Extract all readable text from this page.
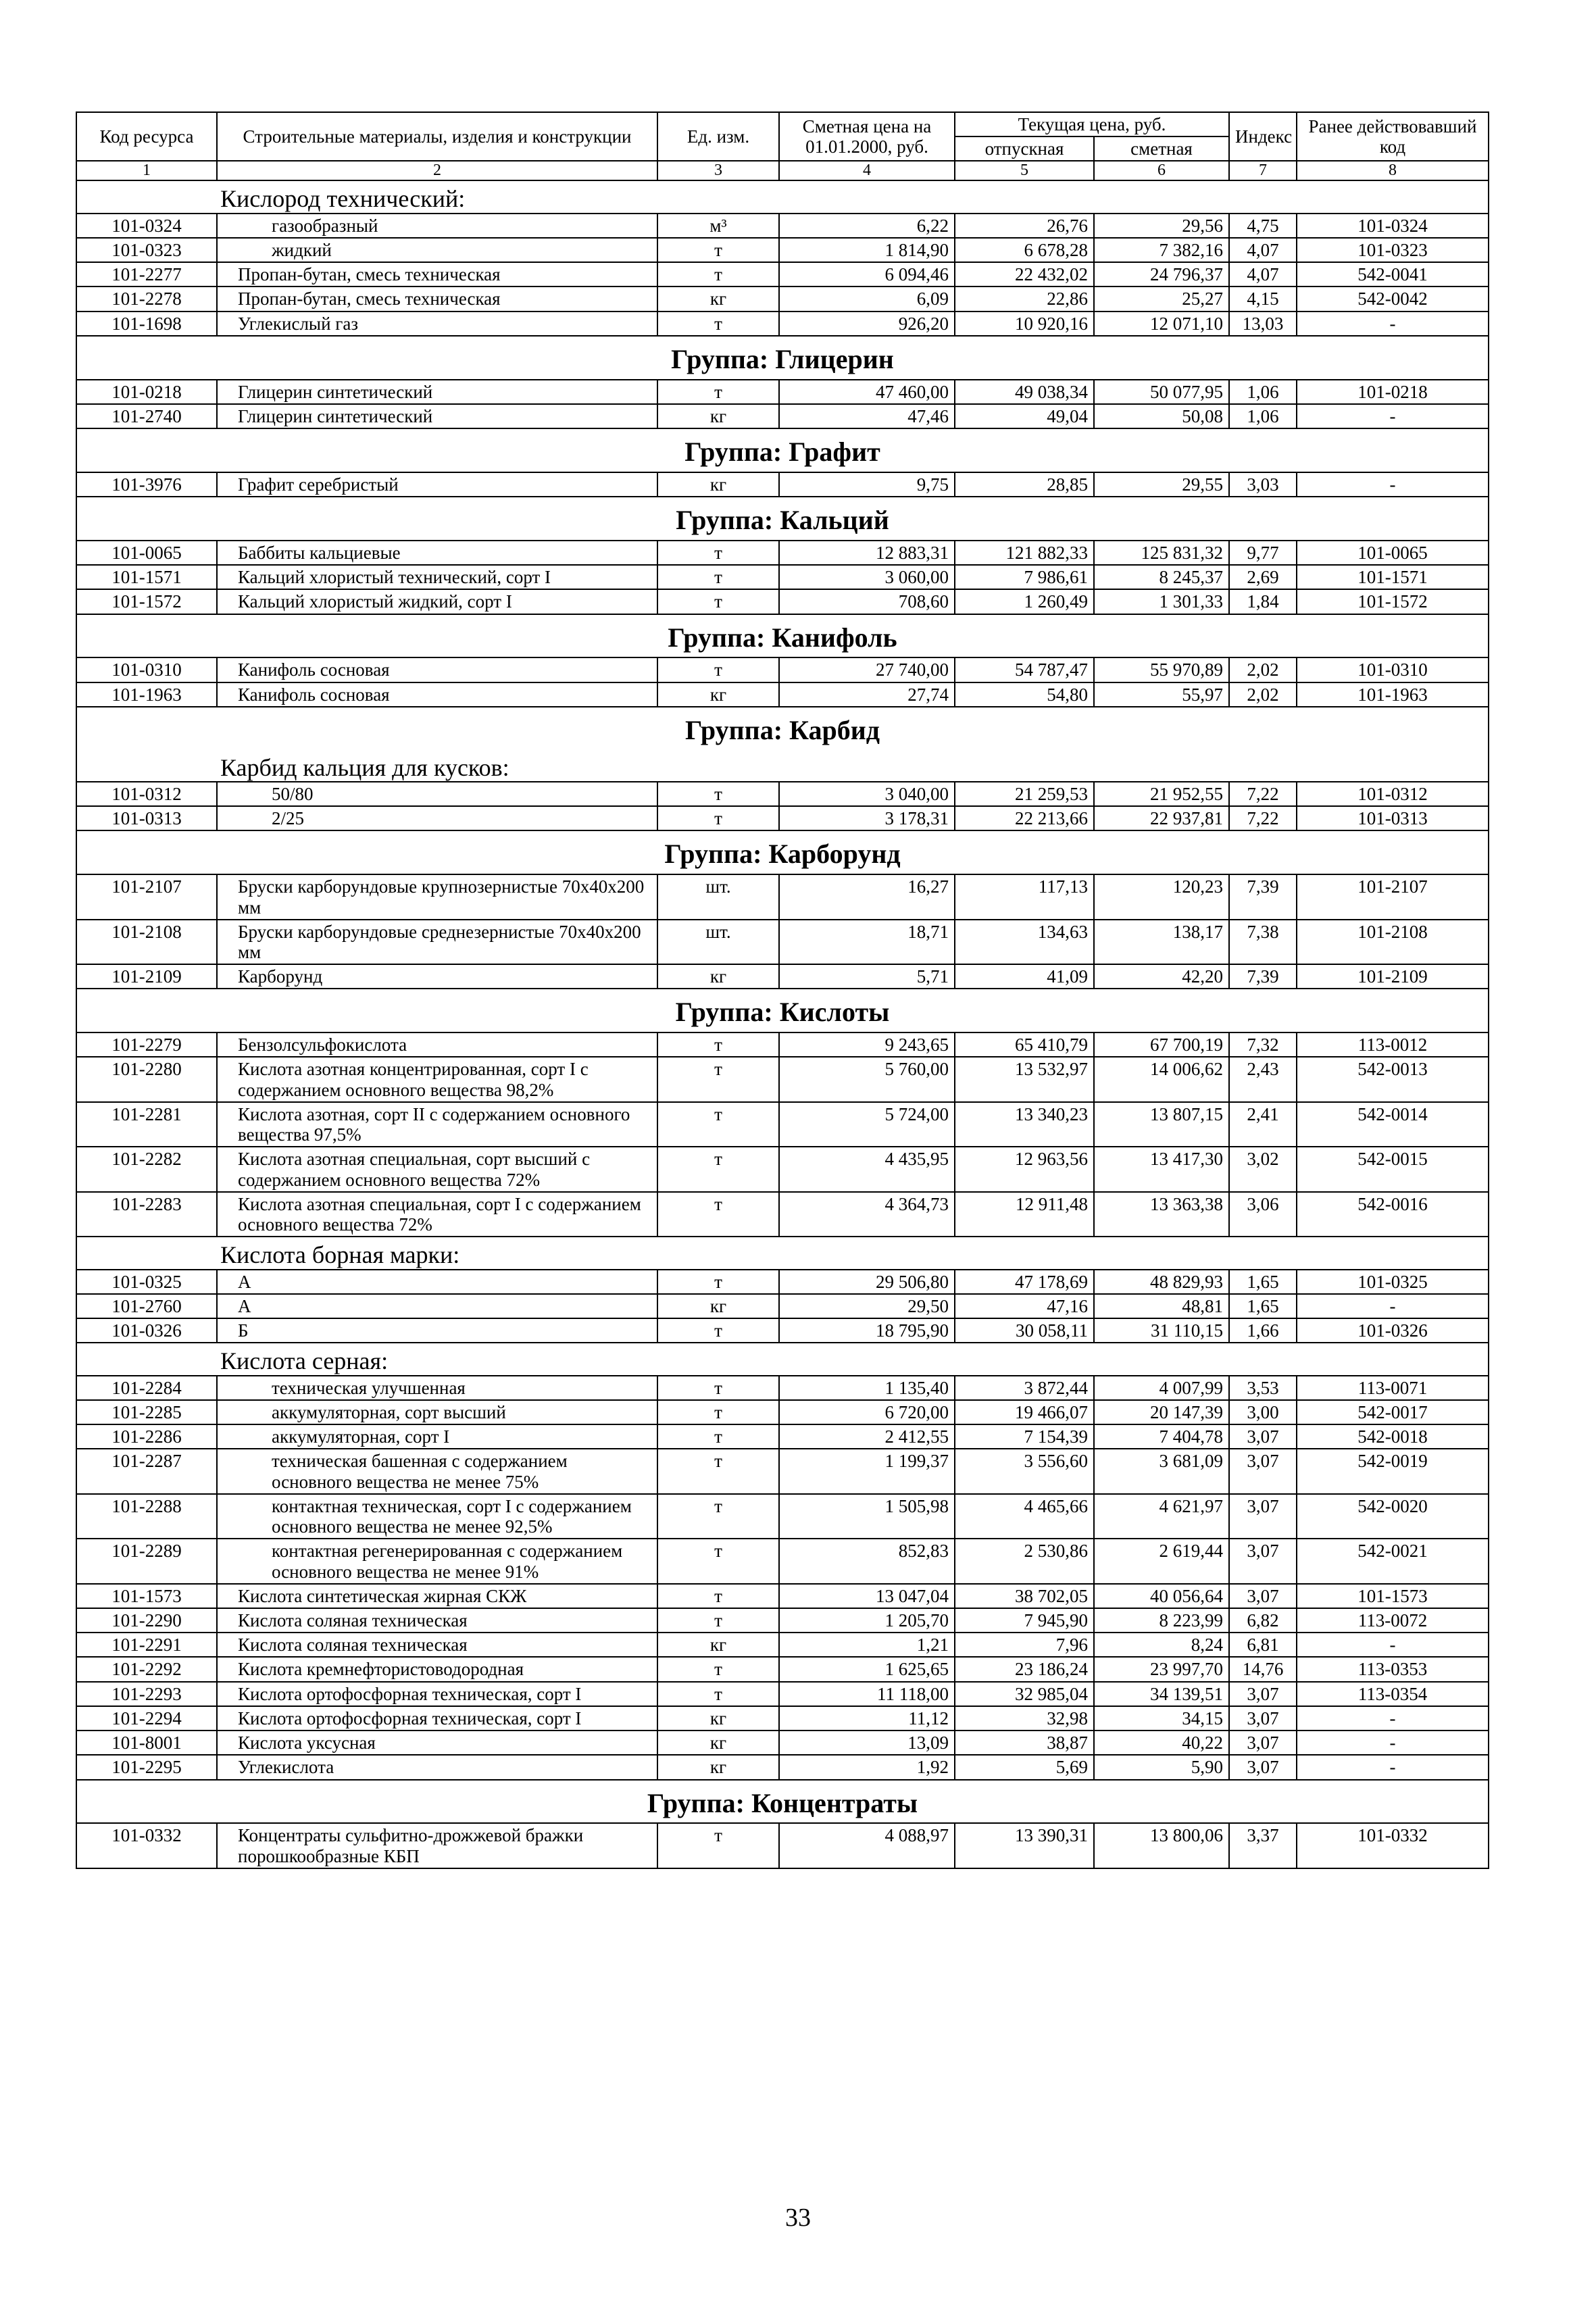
Код ресурса	Строительные материалы, изделия и конструкции	Ед. изм.	Сметная цена на 01.01.2000, руб.	Текущая цена, руб.		Индекс	Ранее действовавший код
				отпускная	сметная		
1	2	3	4	5	6	7	8
Кислород технический:							
101-0324	газообразный	м³	6,22	26,76	29,56	4,75	101-0324
101-0323	жидкий	т	1 814,90	6 678,28	7 382,16	4,07	101-0323
101-2277	Пропан-бутан, смесь техническая	т	6 094,46	22 432,02	24 796,37	4,07	542-0041
101-2278	Пропан-бутан, смесь техническая	кг	6,09	22,86	25,27	4,15	542-0042
101-1698	Углекислый газ	т	926,20	10 920,16	12 071,10	13,03	-
Группа: Глицерин							
101-0218	Глицерин синтетический	т	47 460,00	49 038,34	50 077,95	1,06	101-0218
101-2740	Глицерин синтетический	кг	47,46	49,04	50,08	1,06	-
Группа: Графит							
101-3976	Графит серебристый	кг	9,75	28,85	29,55	3,03	-
Группа: Кальций							
101-0065	Баббиты кальциевые	т	12 883,31	121 882,33	125 831,32	9,77	101-0065
101-1571	Кальций хлористый технический, сорт I	т	3 060,00	7 986,61	8 245,37	2,69	101-1571
101-1572	Кальций хлористый жидкий, сорт I	т	708,60	1 260,49	1 301,33	1,84	101-1572
Группа: Канифоль							
101-0310	Канифоль сосновая	т	27 740,00	54 787,47	55 970,89	2,02	101-0310
101-1963	Канифоль сосновая	кг	27,74	54,80	55,97	2,02	101-1963
Группа: Карбид							
Карбид кальция для кусков:							
101-0312	50/80	т	3 040,00	21 259,53	21 952,55	7,22	101-0312
101-0313	2/25	т	3 178,31	22 213,66	22 937,81	7,22	101-0313
Группа: Карборунд							
101-2107	Бруски карборундовые крупнозернистые 70х40х200 мм	шт.	16,27	117,13	120,23	7,39	101-2107
101-2108	Бруски карборундовые среднезернистые 70х40х200 мм	шт.	18,71	134,63	138,17	7,38	101-2108
101-2109	Карборунд	кг	5,71	41,09	42,20	7,39	101-2109
Группа: Кислоты							
101-2279	Бензолсульфокислота	т	9 243,65	65 410,79	67 700,19	7,32	113-0012
101-2280	Кислота азотная концентрированная, сорт I с содержанием основного вещества 98,2%	т	5 760,00	13 532,97	14 006,62	2,43	542-0013
101-2281	Кислота азотная, сорт II с содержанием основного вещества 97,5%	т	5 724,00	13 340,23	13 807,15	2,41	542-0014
101-2282	Кислота азотная специальная, сорт высший с содержанием основного вещества 72%	т	4 435,95	12 963,56	13 417,30	3,02	542-0015
101-2283	Кислота азотная специальная, сорт I с содержанием основного вещества 72%	т	4 364,73	12 911,48	13 363,38	3,06	542-0016
Кислота борная марки:							
101-0325	А	т	29 506,80	47 178,69	48 829,93	1,65	101-0325
101-2760	А	кг	29,50	47,16	48,81	1,65	-
101-0326	Б	т	18 795,90	30 058,11	31 110,15	1,66	101-0326
Кислота серная:							
101-2284	техническая улучшенная	т	1 135,40	3 872,44	4 007,99	3,53	113-0071
101-2285	аккумуляторная, сорт высший	т	6 720,00	19 466,07	20 147,39	3,00	542-0017
101-2286	аккумуляторная, сорт I	т	2 412,55	7 154,39	7 404,78	3,07	542-0018
101-2287	техническая башенная с содержанием основного вещества не менее 75%	т	1 199,37	3 556,60	3 681,09	3,07	542-0019
101-2288	контактная техническая, сорт I с содержанием основного вещества не менее 92,5%	т	1 505,98	4 465,66	4 621,97	3,07	542-0020
101-2289	контактная регенерированная с содержанием основного вещества не менее 91%	т	852,83	2 530,86	2 619,44	3,07	542-0021
101-1573	Кислота синтетическая жирная СКЖ	т	13 047,04	38 702,05	40 056,64	3,07	101-1573
101-2290	Кислота соляная техническая	т	1 205,70	7 945,90	8 223,99	6,82	113-0072
101-2291	Кислота соляная техническая	кг	1,21	7,96	8,24	6,81	-
101-2292	Кислота кремнефтористоводородная	т	1 625,65	23 186,24	23 997,70	14,76	113-0353
101-2293	Кислота ортофосфорная техническая, сорт I	т	11 118,00	32 985,04	34 139,51	3,07	113-0354
101-2294	Кислота ортофосфорная техническая, сорт I	кг	11,12	32,98	34,15	3,07	-
101-8001	Кислота уксусная	кг	13,09	38,87	40,22	3,07	-
101-2295	Углекислота	кг	1,92	5,69	5,90	3,07	-
Группа: Концентраты							
101-0332	Концентраты сульфитно-дрожжевой бражки порошкообразные КБП	т	4 088,97	13 390,31	13 800,06	3,37	101-0332
33
